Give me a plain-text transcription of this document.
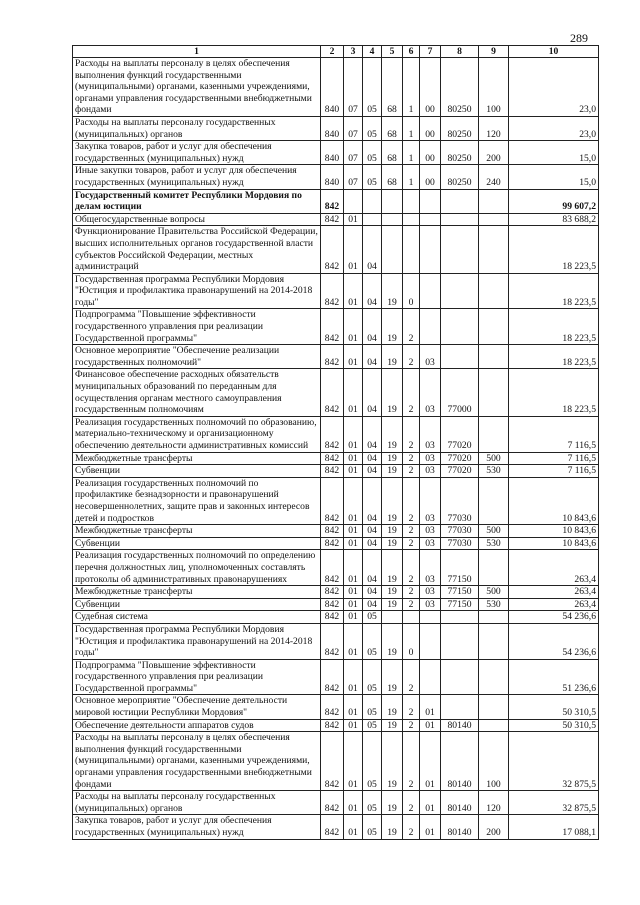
289
1	2	3	4	5	6	7	8	9	10
Расходы на выплаты персоналу в целях обеспечения выполнения функций государственными (муниципальными) органами, казенными учреждениями, органами управления государственными внебюджетными фондами	840	07	05	68	1	00	80250	100	23,0
Расходы на выплаты персоналу государственных (муниципальных) органов	840	07	05	68	1	00	80250	120	23,0
Закупка товаров, работ и услуг для обеспечения государственных (муниципальных) нужд	840	07	05	68	1	00	80250	200	15,0
Иные закупки товаров, работ и услуг для обеспечения государственных (муниципальных) нужд	840	07	05	68	1	00	80250	240	15,0
Государственный комитет Республики Мордовия по делам юстиции	842								99 607,2
Общегосударственные вопросы	842	01							83 688,2
Функционирование Правительства Российской Федерации, высших исполнительных органов государственной власти субъектов Российской Федерации, местных администраций	842	01	04						18 223,5
Государственная программа Республики Мордовия "Юстиция и профилактика правонарушений на 2014-2018 годы"	842	01	04	19	0				18 223,5
Подпрограмма "Повышение эффективности государственного управления при реализации Государственной программы"	842	01	04	19	2				18 223,5
Основное мероприятие "Обеспечение реализации государственных полномочий"	842	01	04	19	2	03			18 223,5
Финансовое обеспечение расходных обязательств муниципальных образований по переданным для осуществления органам местного самоуправления государственным полномочиям	842	01	04	19	2	03	77000		18 223,5
Реализация государственных полномочий по образованию, материально-техническому и организационному обеспечению деятельности административных комиссий	842	01	04	19	2	03	77020		7 116,5
Межбюджетные трансферты	842	01	04	19	2	03	77020	500	7 116,5
Субвенции	842	01	04	19	2	03	77020	530	7 116,5
Реализация государственных полномочий по профилактике безнадзорности и правонарушений несовершеннолетних, защите прав и законных интересов детей и подростков	842	01	04	19	2	03	77030		10 843,6
Межбюджетные трансферты	842	01	04	19	2	03	77030	500	10 843,6
Субвенции	842	01	04	19	2	03	77030	530	10 843,6
Реализация государственных полномочий по определению перечня должностных лиц, уполномоченных составлять протоколы об административных правонарушениях	842	01	04	19	2	03	77150		263,4
Межбюджетные трансферты	842	01	04	19	2	03	77150	500	263,4
Субвенции	842	01	04	19	2	03	77150	530	263,4
Судебная система	842	01	05						54 236,6
Государственная программа Республики Мордовия "Юстиция и профилактика правонарушений на 2014-2018 годы"	842	01	05	19	0				54 236,6
Подпрограмма "Повышение эффективности государственного управления при реализации Государственной программы"	842	01	05	19	2				51 236,6
Основное мероприятие "Обеспечение деятельности мировой юстиции Республики Мордовия"	842	01	05	19	2	01			50 310,5
Обеспечение деятельности аппаратов судов	842	01	05	19	2	01	80140		50 310,5
Расходы на выплаты персоналу в целях обеспечения выполнения функций государственными (муниципальными) органами, казенными учреждениями, органами управления государственными внебюджетными фондами	842	01	05	19	2	01	80140	100	32 875,5
Расходы на выплаты персоналу государственных (муниципальных) органов	842	01	05	19	2	01	80140	120	32 875,5
Закупка товаров, работ и услуг для обеспечения государственных (муниципальных) нужд	842	01	05	19	2	01	80140	200	17 088,1
